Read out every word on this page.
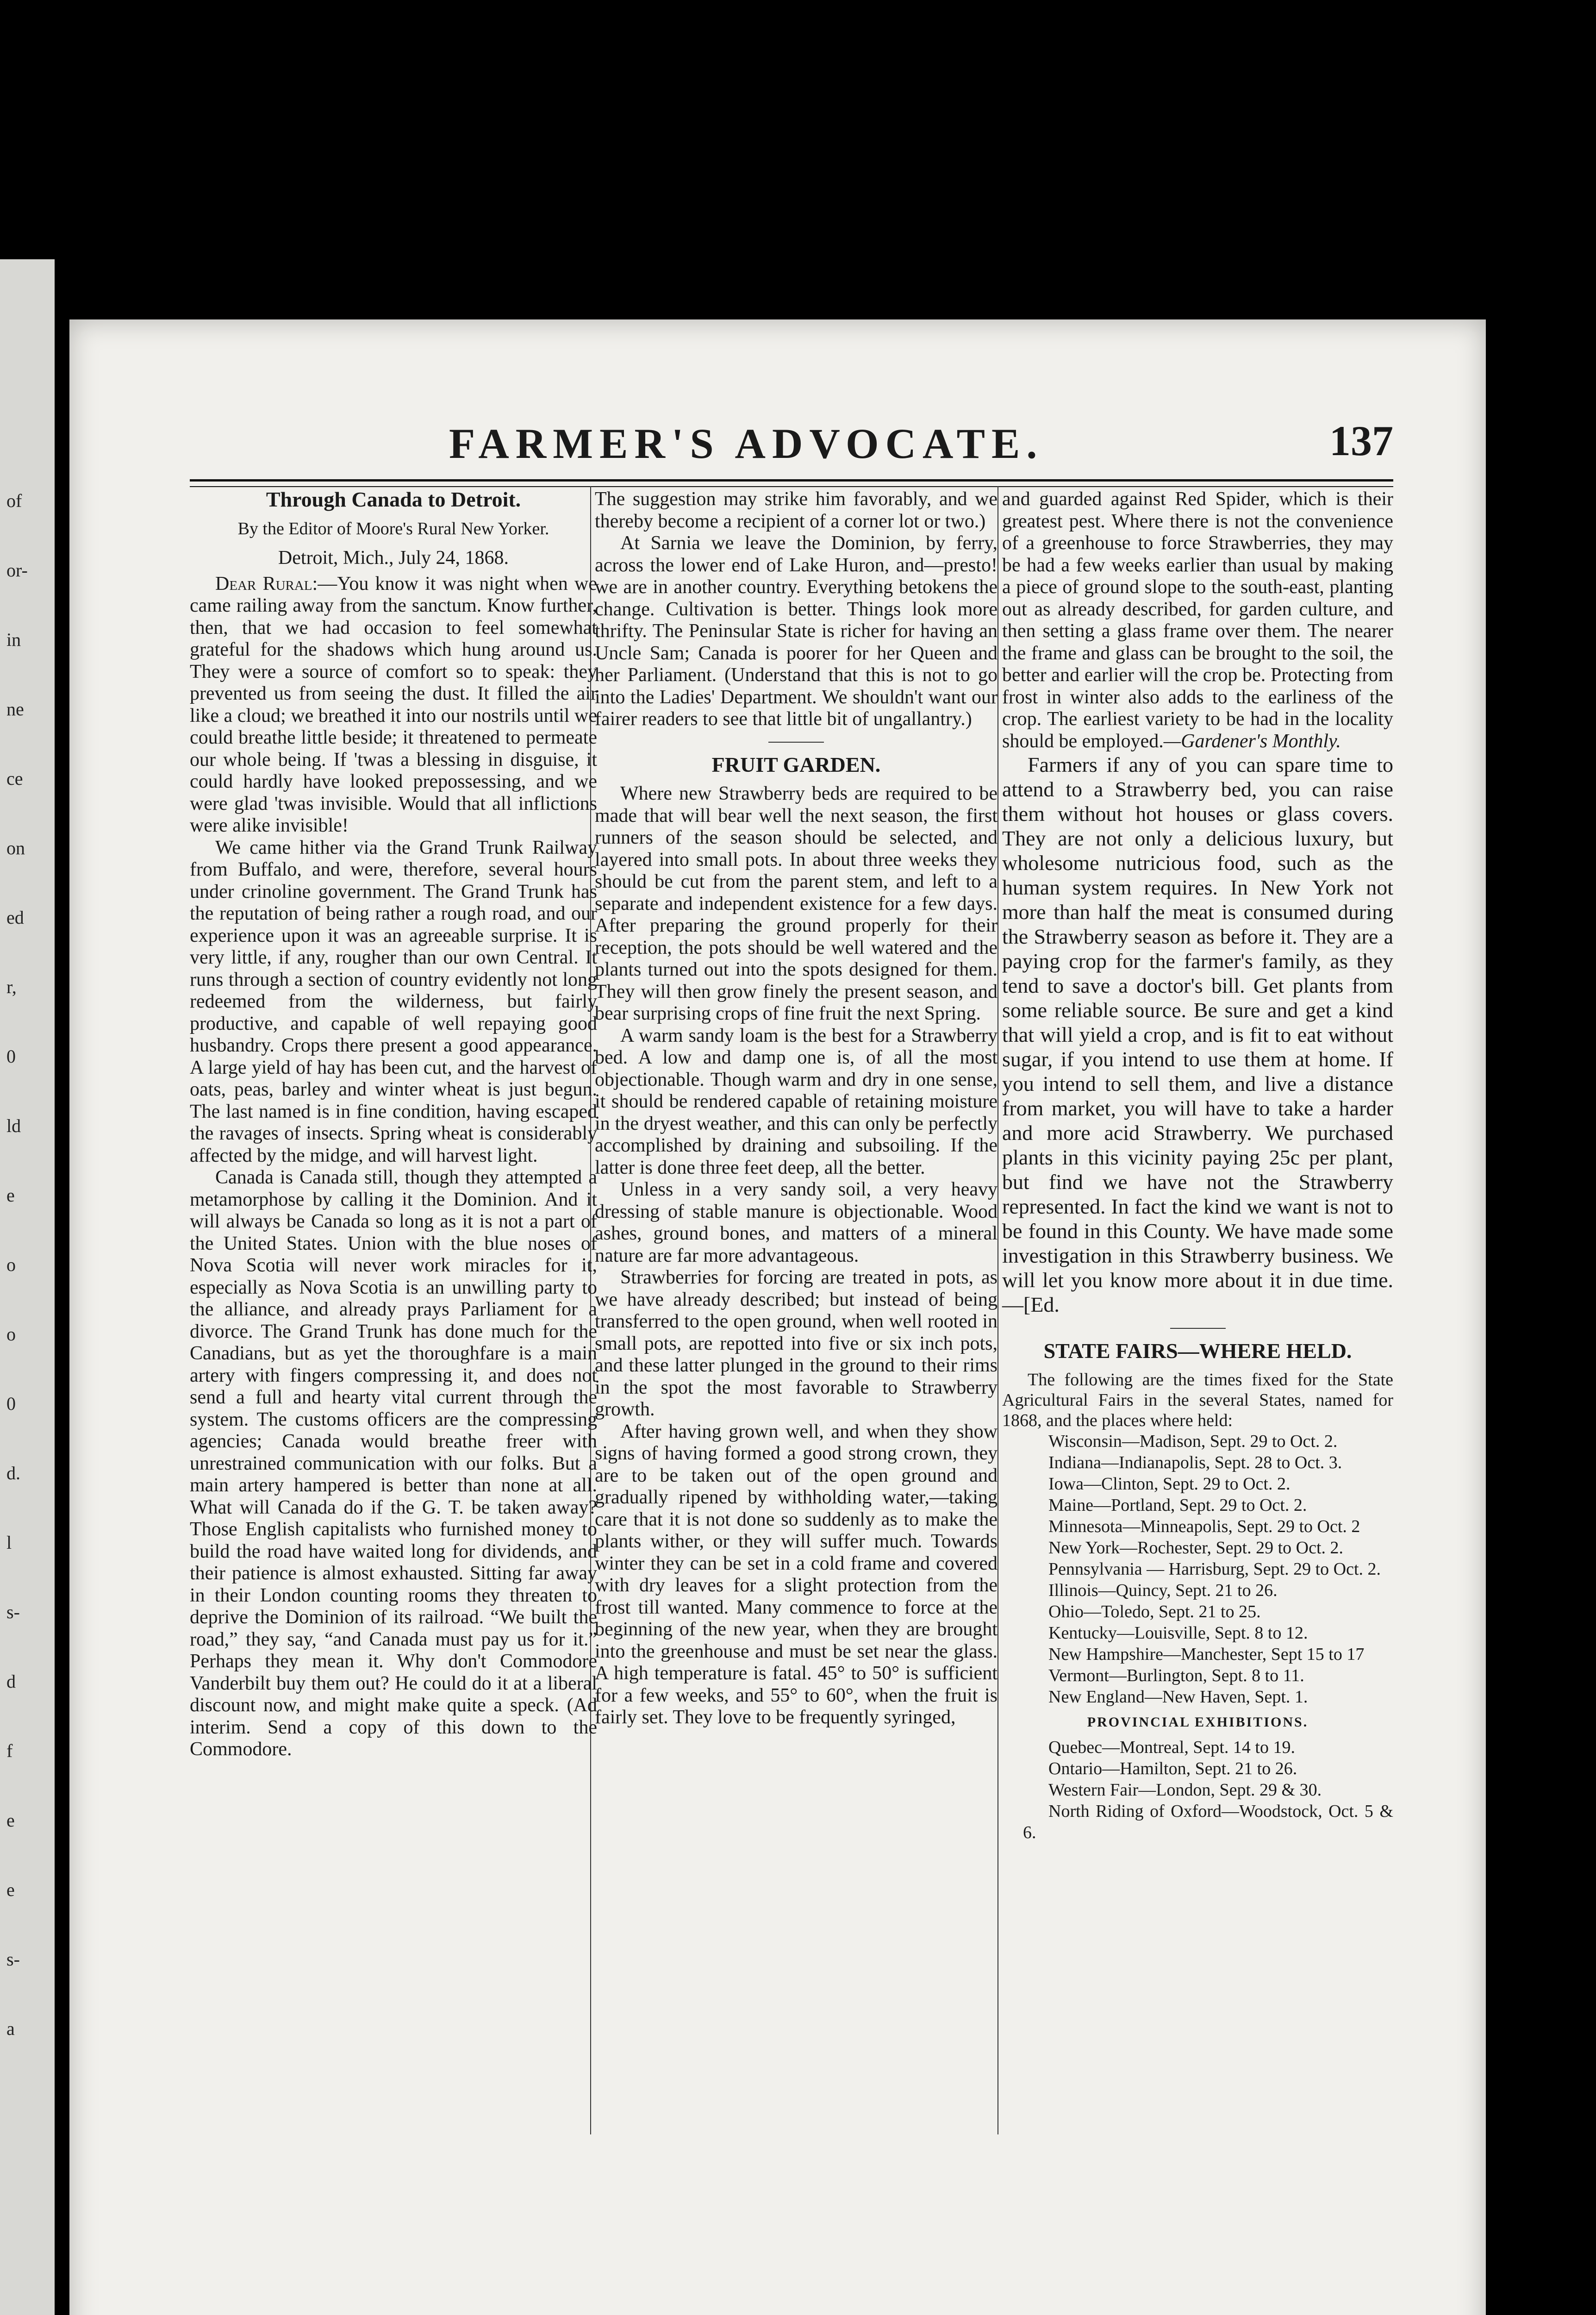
of
or-
in
ne
ce
on
ed
r,
0
ld
e
o
o
0
d.
l
s-
d
f
e
e
s-
a
FARMER'S ADVOCATE.	137
Through Canada to Detroit.
By the Editor of Moore's Rural New Yorker.
Detroit, Mich., July 24, 1868.

Dear Rural:—You know it was night when we came railing away from the sanctum. Know further, then, that we had occasion to feel somewhat grateful for the shadows which hung around us. They were a source of comfort so to speak: they prevented us from seeing the dust. It filled the air like a cloud; we breathed it into our nostrils until we could breathe little beside; it threatened to permeate our whole being. If 'twas a blessing in disguise, it could hardly have looked prepossessing, and we were glad 'twas invisible. Would that all inflictions were alike invisible!

We came hither via the Grand Trunk Railway from Buffalo, and were, therefore, several hours under crinoline government. The Grand Trunk has the reputation of being rather a rough road, and our experience upon it was an agreeable surprise. It is very little, if any, rougher than our own Central. It runs through a section of country evidently not long redeemed from the wilderness, but fairly productive, and capable of well repaying good husbandry. Crops there present a good appearance. A large yield of hay has been cut, and the harvest of oats, peas, barley and winter wheat is just begun. The last named is in fine condition, having escaped the ravages of insects. Spring wheat is considerably affected by the midge, and will harvest light.

Canada is Canada still, though they attempted a metamorphose by calling it the Dominion. And it will always be Canada so long as it is not a part of the United States. Union with the blue noses of Nova Scotia will never work miracles for it, especially as Nova Scotia is an unwilling party to the alliance, and already prays Parliament for a divorce. The Grand Trunk has done much for the Canadians, but as yet the thoroughfare is a main artery with fingers compressing it, and does not send a full and hearty vital current through the system. The customs officers are the compressing agencies; Canada would breathe freer with unrestrained communication with our folks. But a main artery hampered is better than none at all. What will Canada do if the G. T. be taken away? Those English capitalists who furnished money to build the road have waited long for dividends, and their patience is almost exhausted. Sitting far away in their London counting rooms they threaten to deprive the Dominion of its railroad. “We built the road,” they say, “and Canada must pay us for it.” Perhaps they mean it. Why don't Commodore Vanderbilt buy them out? He could do it at a liberal discount now, and might make quite a speck. (Ad interim. Send a copy of this down to the Commodore.

The suggestion may strike him favorably, and we thereby become a recipient of a corner lot or two.)

At Sarnia we leave the Dominion, by ferry, across the lower end of Lake Huron, and—presto! we are in another country. Everything betokens the change. Cultivation is better. Things look more thrifty. The Peninsular State is richer for having an Uncle Sam; Canada is poorer for her Queen and her Parliament. (Understand that this is not to go into the Ladies' Department. We shouldn't want our fairer readers to see that little bit of ungallantry.)

FRUIT GARDEN.

Where new Strawberry beds are required to be made that will bear well the next season, the first runners of the season should be selected, and layered into small pots. In about three weeks they should be cut from the parent stem, and left to a separate and independent existence for a few days. After preparing the ground properly for their reception, the pots should be well watered and the plants turned out into the spots designed for them. They will then grow finely the present season, and bear surprising crops of fine fruit the next Spring.

A warm sandy loam is the best for a Strawberry bed. A low and damp one is, of all the most objectionable. Though warm and dry in one sense, it should be rendered capable of retaining moisture in the dryest weather, and this can only be perfectly accomplished by draining and subsoiling. If the latter is done three feet deep, all the better.

Unless in a very sandy soil, a very heavy dressing of stable manure is objectionable. Wood ashes, ground bones, and matters of a mineral nature are far more advantageous.

Strawberries for forcing are treated in pots, as we have already described; but instead of being transferred to the open ground, when well rooted in small pots, are repotted into five or six inch pots, and these latter plunged in the ground to their rims in the spot the most favorable to Strawberry growth.

After having grown well, and when they show signs of having formed a good strong crown, they are to be taken out of the open ground and gradually ripened by withholding water,—taking care that it is not done so suddenly as to make the plants wither, or they will suffer much. Towards winter they can be set in a cold frame and covered with dry leaves for a slight protection from the frost till wanted. Many commence to force at the beginning of the new year, when they are brought into the greenhouse and must be set near the glass. A high temperature is fatal. 45° to 50° is sufficient for a few weeks, and 55° to 60°, when the fruit is fairly set. They love to be frequently syringed,

and guarded against Red Spider, which is their greatest pest. Where there is not the convenience of a greenhouse to force Strawberries, they may be had a few weeks earlier than usual by making a piece of ground slope to the south-east, planting out as already described, for garden culture, and then setting a glass frame over them. The nearer the frame and glass can be brought to the soil, the better and earlier will the crop be. Protecting from frost in winter also adds to the earliness of the crop. The earliest variety to be had in the locality should be employed.—Gardener's Monthly.

Farmers if any of you can spare time to attend to a Strawberry bed, you can raise them without hot houses or glass covers. They are not only a delicious luxury, but wholesome nutricious food, such as the human system requires. In New York not more than half the meat is consumed during the Strawberry season as before it. They are a paying crop for the farmer's family, as they tend to save a doctor's bill. Get plants from some reliable source. Be sure and get a kind that will yield a crop, and is fit to eat without sugar, if you intend to use them at home. If you intend to sell them, and live a distance from market, you will have to take a harder and more acid Strawberry. We purchased plants in this vicinity paying 25c per plant, but find we have not the Strawberry represented. In fact the kind we want is not to be found in this County. We have made some investigation in this Strawberry business. We will let you know more about it in due time.—[Ed.

STATE FAIRS—WHERE HELD.

The following are the times fixed for the State Agricultural Fairs in the several States, named for 1868, and the places where held:

Wisconsin—Madison, Sept. 29 to Oct. 2.

Indiana—Indianapolis, Sept. 28 to Oct. 3.

Iowa—Clinton, Sept. 29 to Oct. 2.

Maine—Portland, Sept. 29 to Oct. 2.

Minnesota—Minneapolis, Sept. 29 to Oct. 2

New York—Rochester, Sept. 29 to Oct. 2.

Pennsylvania — Harrisburg, Sept. 29 to Oct. 2.

Illinois—Quincy, Sept. 21 to 26.

Ohio—Toledo, Sept. 21 to 25.

Kentucky—Louisville, Sept. 8 to 12.

New Hampshire—Manchester, Sept 15 to 17

Vermont—Burlington, Sept. 8 to 11.

New England—New Haven, Sept. 1.

PROVINCIAL EXHIBITIONS.

Quebec—Montreal, Sept. 14 to 19.

Ontario—Hamilton, Sept. 21 to 26.

Western Fair—London, Sept. 29 & 30.

North Riding of Oxford—Woodstock, Oct. 5 & 6.
